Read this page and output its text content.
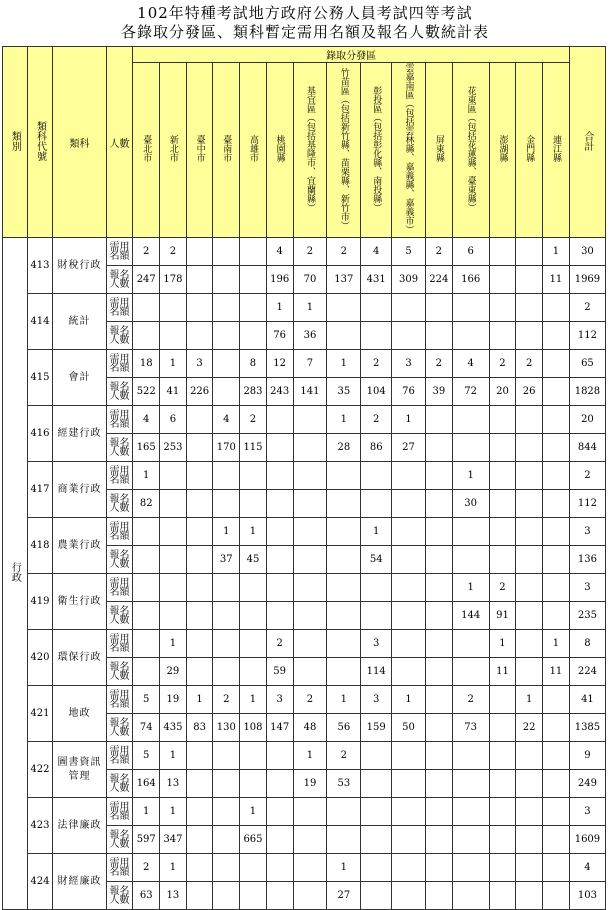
102年特種考試地方政府公務人員考試四等考試
各錄取分發區、類科暫定需用名額及報名人數統計表
類別	類科代號	類科	人數	錄取分發區															合計
				臺北市	新北市	臺中市	臺南市	高雄市	桃園縣	基宜區（包括基隆市、宜蘭縣）	竹苗區（包括新竹縣、苗栗縣、新竹市）	彰投區（包括彰化縣、南投縣）	雲嘉南區（包括雲林縣、嘉義縣、嘉義市）	屏東縣	花東區（包括花蓮縣、臺東縣）	澎湖縣	金門縣	連江縣	
行政	413	財稅行政	需用名額	2	2				4	2	2	4	5	2	6			1	30
			報名人數	247	178				196	70	137	431	309	224	166			11	1969
	414	統計	需用名額						1	1									2
			報名人數						76	36									112
	415	會計	需用名額	18	1	3		8	12	7	1	2	3	2	4	2	2		65
			報名人數	522	41	226		283	243	141	35	104	76	39	72	20	26		1828
	416	經建行政	需用名額	4	6		4	2			1	2	1						20
			報名人數	165	253		170	115			28	86	27						844
	417	商業行政	需用名額	1											1				2
			報名人數	82											30				112
	418	農業行政	需用名額				1	1				1							3
			報名人數				37	45				54							136
	419	衛生行政	需用名額												1	2			3
			報名人數												144	91			235
	420	環保行政	需用名額		1				2			3				1		1	8
			報名人數		29				59			114				11		11	224
	421	地政	需用名額	5	19	1	2	1	3	2	1	3	1		2		1		41
			報名人數	74	435	83	130	108	147	48	56	159	50		73		22		1385
	422	圖書資訊管理	需用名額	5	1					1	2								9
			報名人數	164	13					19	53								249
	423	法律廉政	需用名額	1	1			1											3
			報名人數	597	347			665											1609
	424	財經廉政	需用名額	2	1						1								4
			報名人數	63	13						27								103
